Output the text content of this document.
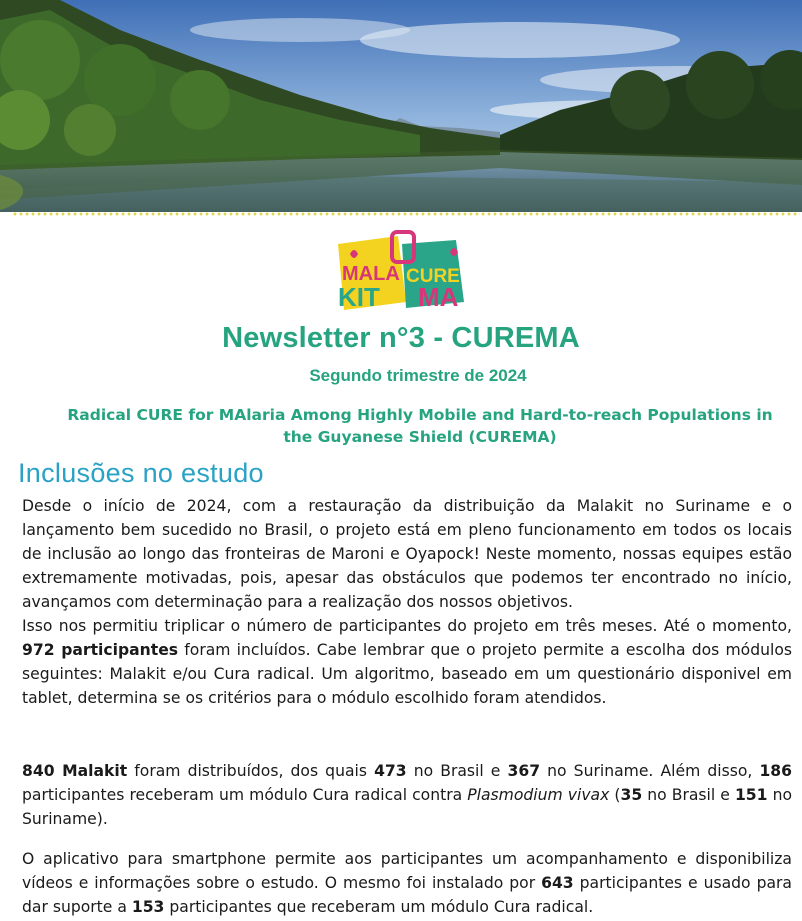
MALA
KIT
CURE
MA
Newsletter n°3 - CUREMA
Segundo trimestre de 2024
Radical CURE for MAlaria Among Highly Mobile and Hard-to-reach Populations in
the Guyanese Shield (CUREMA)
Inclusões no estudo

Desde o início de 2024, com a restauração da distribuição da Malakit no Suriname e o lançamento bem sucedido no Brasil, o projeto está em pleno funcionamento em todos os locais de inclusão ao longo das fronteiras de Maroni e Oyapock! Neste momento, nossas equipes estão extremamente motivadas, pois, apesar das obstáculos que podemos ter encontrado no início, avançamos com determinação para a realização dos nossos objetivos.

Isso nos permitiu triplicar o número de participantes do projeto em três meses. Até o momento, 972 participantes foram incluídos. Cabe lembrar que o projeto permite a escolha dos módulos seguintes: Malakit e/ou Cura radical. Um algoritmo, baseado em um questionário disponivel em tablet, determina se os critérios para o módulo escolhido foram atendidos.

840 Malakit foram distribuídos, dos quais 473 no Brasil e 367 no Suriname. Além disso, 186 participantes receberam um módulo Cura radical contra Plasmodium vivax (35 no Brasil e 151 no Suriname).

O aplicativo para smartphone permite aos participantes um acompanhamento e disponibiliza vídeos e informações sobre o estudo. O mesmo foi instalado por 643 participantes e usado para dar suporte a 153 participantes que receberam um módulo Cura radical.
